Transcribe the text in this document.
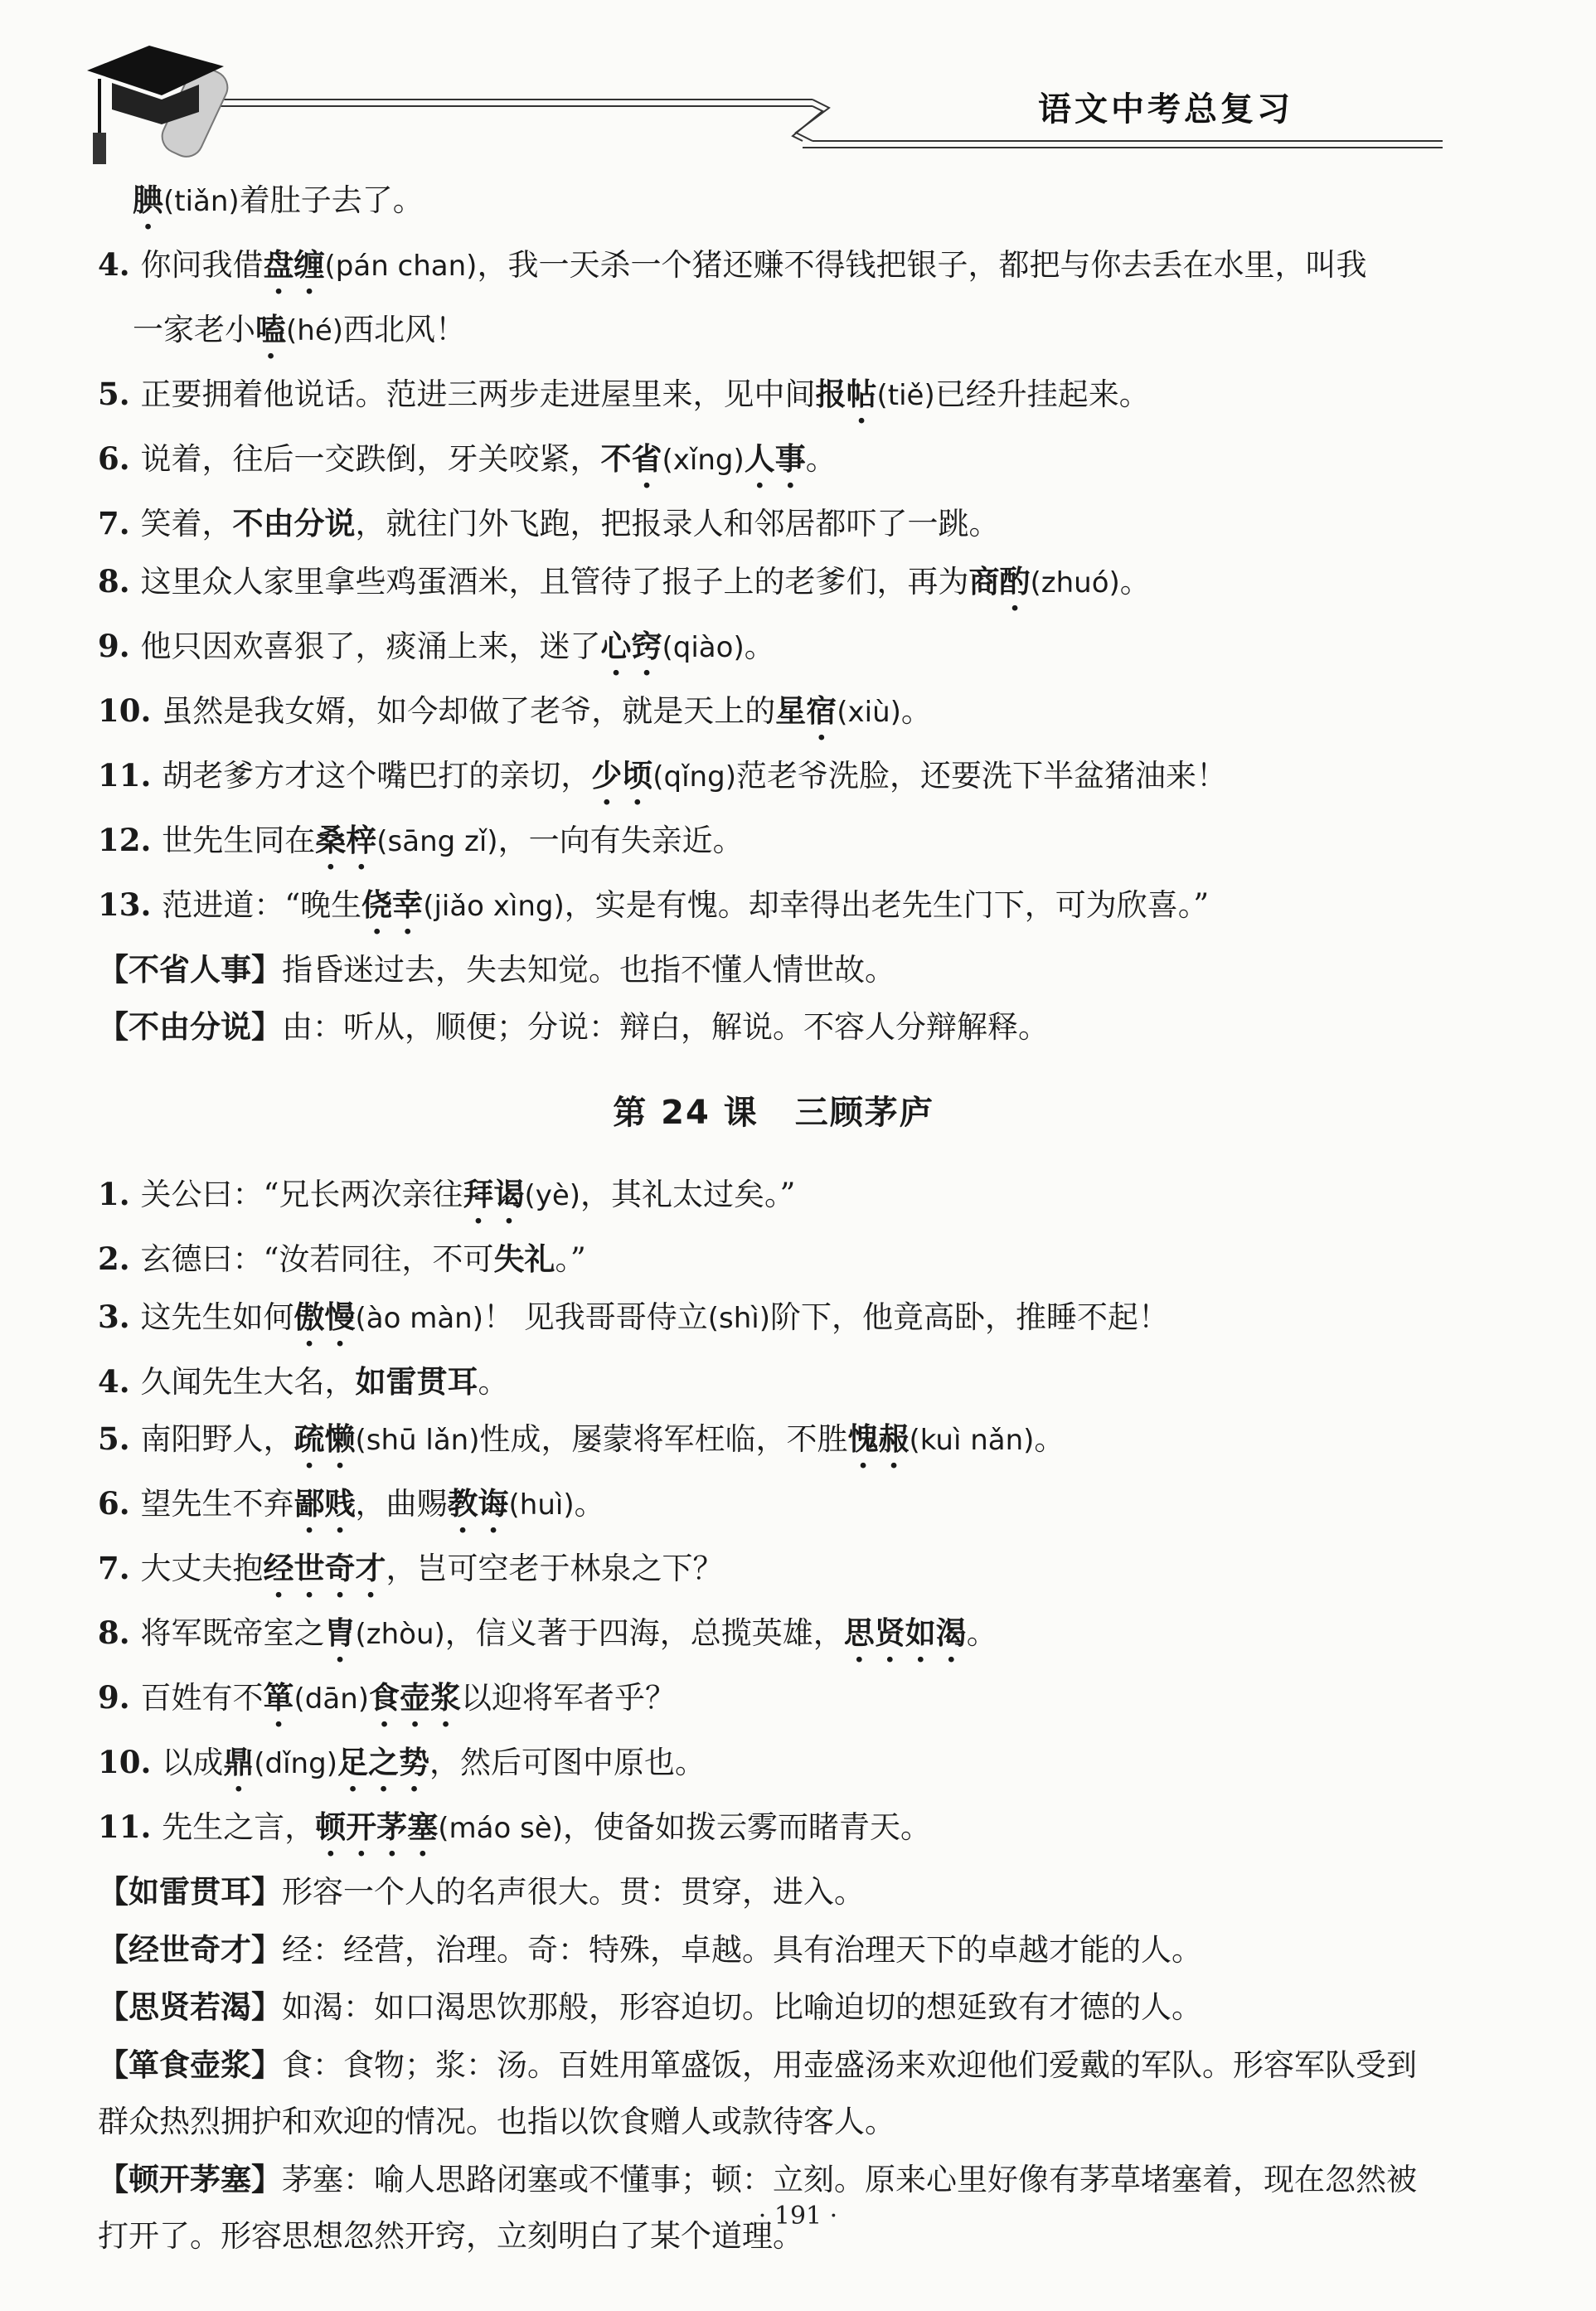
语文中考总复习
腆(tiǎn)着肚子去了。
4. 你问我借盘缠(pán chan)，我一天杀一个猪还赚不得钱把银子，都把与你去丢在水里，叫我
一家老小嗑(hé)西北风！
5. 正要拥着他说话。范进三两步走进屋里来，见中间报帖(tiě)已经升挂起来。
6. 说着，往后一交跌倒，牙关咬紧，不省(xǐng)人事。
7. 笑着，不由分说，就往门外飞跑，把报录人和邻居都吓了一跳。
8. 这里众人家里拿些鸡蛋酒米，且管待了报子上的老爹们，再为商酌(zhuó)。
9. 他只因欢喜狠了，痰涌上来，迷了心窍(qiào)。
10. 虽然是我女婿，如今却做了老爷，就是天上的星宿(xiù)。
11. 胡老爹方才这个嘴巴打的亲切，少顷(qǐng)范老爷洗脸，还要洗下半盆猪油来！
12. 世先生同在桑梓(sāng zǐ)，一向有失亲近。
13. 范进道：“晚生侥幸(jiǎo xìng)，实是有愧。却幸得出老先生门下，可为欣喜。”
【不省人事】指昏迷过去，失去知觉。也指不懂人情世故。
【不由分说】由：听从，顺便；分说：辩白，解说。不容人分辩解释。
第 24 课 三顾茅庐
1. 关公曰：“兄长两次亲往拜谒(yè)，其礼太过矣。”
2. 玄德曰：“汝若同往，不可失礼。”
3. 这先生如何傲慢(ào màn)！ 见我哥哥侍立(shì)阶下，他竟高卧，推睡不起！
4. 久闻先生大名，如雷贯耳。
5. 南阳野人，疏懒(shū lǎn)性成，屡蒙将军枉临，不胜愧赧(kuì nǎn)。
6. 望先生不弃鄙贱，曲赐教诲(huì)。
7. 大丈夫抱经世奇才，岂可空老于林泉之下？
8. 将军既帝室之胄(zhòu)，信义著于四海，总揽英雄，思贤如渴。
9. 百姓有不箪(dān)食壶浆以迎将军者乎？
10. 以成鼎(dǐng)足之势，然后可图中原也。
11. 先生之言，顿开茅塞(máo sè)，使备如拨云雾而睹青天。
【如雷贯耳】形容一个人的名声很大。贯：贯穿，进入。
【经世奇才】经：经营，治理。奇：特殊，卓越。具有治理天下的卓越才能的人。
【思贤若渴】如渴：如口渴思饮那般，形容迫切。比喻迫切的想延致有才德的人。
【箪食壶浆】食：食物；浆：汤。百姓用箪盛饭，用壶盛汤来欢迎他们爱戴的军队。形容军队受到
群众热烈拥护和欢迎的情况。也指以饮食赠人或款待客人。
【顿开茅塞】茅塞：喻人思路闭塞或不懂事；顿：立刻。原来心里好像有茅草堵塞着，现在忽然被
打开了。形容思想忽然开窍，立刻明白了某个道理。
· 191 ·
